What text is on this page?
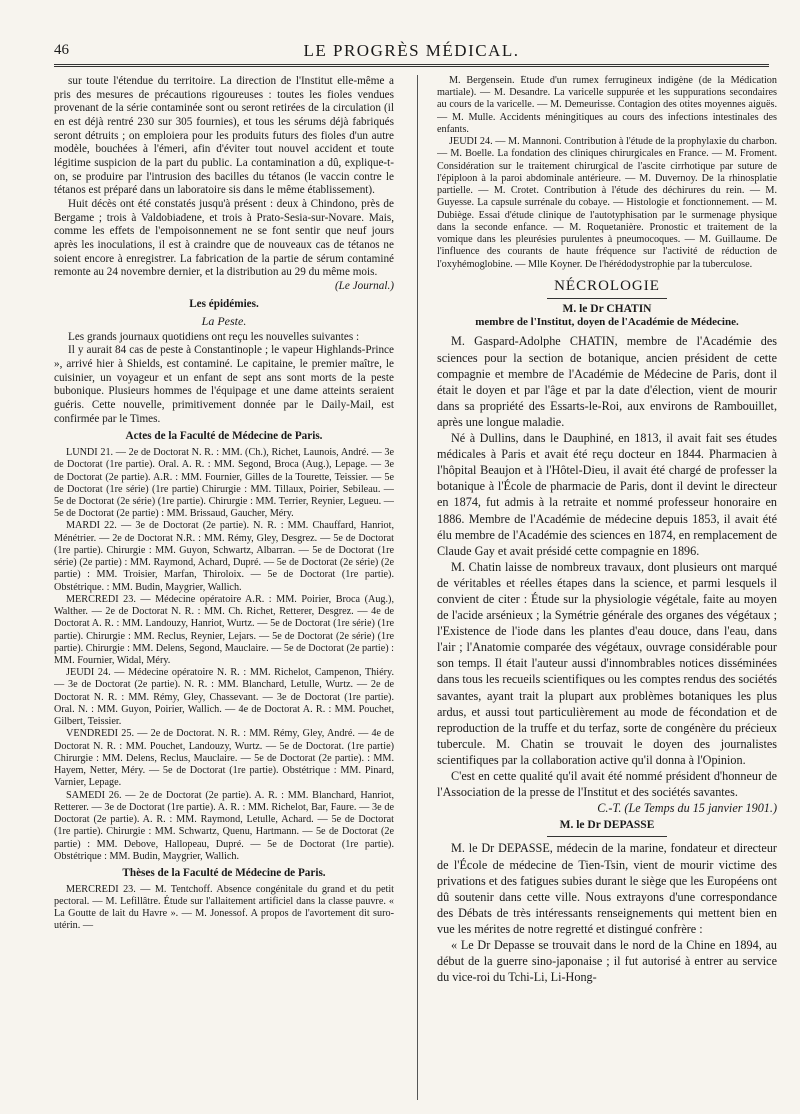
46	LE PROGRÈS MÉDICAL.

sur toute l'étendue du territoire. La direction de l'Institut elle-même a pris des mesures de précautions rigoureuses : toutes les fioles vendues provenant de la série contaminée sont ou seront retirées de la circulation (il en est déjà rentré 230 sur 305 fournies), et tous les sérums déjà fabriqués seront détruits ; on emploiera pour les produits futurs des fioles d'un autre modèle, bouchées à l'émeri, afin d'éviter tout nouvel accident et toute légitime suspicion de la part du public. La contamination a dû, explique-t-on, se produire par l'intrusion des bacilles du tétanos (le vaccin contre le tétanos est préparé dans un laboratoire sis dans le même établissement).

Huit décès ont été constatés jusqu'à présent : deux à Chindono, près de Bergame ; trois à Valdobiadene, et trois à Prato-Sesia-sur-Novare. Mais, comme les effets de l'empoisonnement ne se font sentir que neuf jours après les inoculations, il est à craindre que de nouveaux cas de tétanos ne soient encore à enregistrer. La fabrication de la partie de sérum contaminé remonte au 24 novembre dernier, et la distribution au 29 du même mois.

(Le Journal.)
Les épidémies.
La Peste.

Les grands journaux quotidiens ont reçu les nouvelles suivantes :

Il y aurait 84 cas de peste à Constantinople ; le vapeur Highlands-Prince », arrivé hier à Shields, est contaminé. Le capitaine, le premier maître, le cuisinier, un voyageur et un enfant de sept ans sont morts de la peste bubonique. Plusieurs hommes de l'équipage et une dame atteints seraient guéris. Cette nouvelle, primitivement donnée par le Daily-Mail, est confirmée par le Times.

Actes de la Faculté de Médecine de Paris.

LUNDI 21. — 2e de Doctorat N. R. : MM. (Ch.), Richet, Launois, André. — 3e de Doctorat (1re partie). Oral. A. R. : MM. Segond, Broca (Aug.), Lepage. — 3e de Doctorat (2e partie). A.R. : MM. Fournier, Gilles de la Tourette, Teissier. — 5e de Doctorat (1re série) (1re partie) Chirurgie : MM. Tillaux, Poirier, Sebileau. — 5e de Doctorat (2e série) (1re partie). Chirurgie : MM. Terrier, Reynier, Legueu. — 5e de Doctorat (2e partie) : MM. Brissaud, Gaucher, Méry.

MARDI 22. — 3e de Doctorat (2e partie). N. R. : MM. Chauffard, Hanriot, Ménétrier. — 2e de Doctorat N.R. : MM. Rémy, Gley, Desgrez. — 5e de Doctorat (1re partie). Chirurgie : MM. Guyon, Schwartz, Albarran. — 5e de Doctorat (1re série) (2e partie) : MM. Raymond, Achard, Dupré. — 5e de Doctorat (2e série) (2e partie) : MM. Troisier, Marfan, Thiroloix. — 5e de Doctorat (1re partie). Obstétrique. : MM. Budin, Maygrier, Wallich.

MERCREDI 23. — Médecine opératoire A.R. : MM. Poirier, Broca (Aug.), Walther. — 2e de Doctorat N. R. : MM. Ch. Richet, Retterer, Desgrez. — 4e de Doctorat A. R. : MM. Landouzy, Hanriot, Wurtz. — 5e de Doctorat (1re série) (1re partie). Chirurgie : MM. Reclus, Reynier, Lejars. — 5e de Doctorat (2e série) (1re partie). Chirurgie : MM. Delens, Segond, Mauclaire. — 5e de Doctorat (2e partie) : MM. Fournier, Widal, Méry.

JEUDI 24. — Médecine opératoire N. R. : MM. Richelot, Campenon, Thiéry. — 3e de Doctorat (2e partie). N. R. : MM. Blanchard, Letulle, Wurtz. — 2e de Doctorat N. R. : MM. Rémy, Gley, Chassevant. — 3e de Doctorat (1re partie). Oral. N. : MM. Guyon, Poirier, Wallich. — 4e de Doctorat A. R. : MM. Pouchet, Gilbert, Teissier.

VENDREDI 25. — 2e de Doctorat. N. R. : MM. Rémy, Gley, André. — 4e de Doctorat N. R. : MM. Pouchet, Landouzy, Wurtz. — 5e de Doctorat. (1re partie) Chirurgie : MM. Delens, Reclus, Mauclaire. — 5e de Doctorat (2e partie). : MM. Hayem, Netter, Méry. — 5e de Doctorat (1re partie). Obstétrique : MM. Pinard, Varnier, Lepage.

SAMEDI 26. — 2e de Doctorat (2e partie). A. R. : MM. Blanchard, Hanriot, Retterer. — 3e de Doctorat (1re partie). A. R. : MM. Richelot, Bar, Faure. — 3e de Doctorat (2e partie). A. R. : MM. Raymond, Letulle, Achard. — 5e de Doctorat (1re partie). Chirurgie : MM. Schwartz, Quenu, Hartmann. — 5e de Doctorat (2e partie) : MM. Debove, Hallopeau, Dupré. — 5e de Doctorat (1re partie). Obstétrique : MM. Budin, Maygrier, Wallich.

Thèses de la Faculté de Médecine de Paris.

MERCREDI 23. — M. Tentchoff. Absence congénitale du grand et du petit pectoral. — M. Lefillâtre. Étude sur l'allaitement artificiel dans la classe pauvre. « La Goutte de lait du Havre ». — M. Jonessof. A propos de l'avortement dit suro-utérin. —

M. Bergensein. Étude d'un rumex ferrugineux indigène (de la Médication martiale). — M. Desandre. La varicelle suppurée et les suppurations secondaires au cours de la varicelle. — M. Demeurisse. Contagion des otites moyennes aiguës. — M. Mulle. Accidents méningitiques au cours des infections intestinales des enfants.

JEUDI 24. — M. Mannoni. Contribution à l'étude de la prophylaxie du charbon. — M. Boelle. La fondation des cliniques chirurgicales en France. — M. Froment. Considération sur le traitement chirurgical de l'ascite cirrhotique par suture de l'épiploon à la paroi abdominale antérieure. — M. Duvernoy. De la rhinosplatie partielle. — M. Crotet. Contribution à l'étude des déchirures du rein. — M. Guyesse. La capsule surrénale du cobaye. — Histologie et fonctionnement. — M. Dubiège. Essai d'étude clinique de l'autotyphisation par le surmenage physique dans la seconde enfance. — M. Roquetanière. Pronostic et traitement de la vomique dans les pleurésies purulentes à pneumocoques. — M. Guillaume. De l'influence des courants de haute fréquence sur l'activité de réduction de l'oxyhémoglobine. — Mlle Koyner. De l'hérédodystrophie par la tuberculose.

NÉCROLOGIE
M. le Dr CHATIN
membre de l'Institut, doyen de l'Académie de Médecine.

M. Gaspard-Adolphe CHATIN, membre de l'Académie des sciences pour la section de botanique, ancien président de cette compagnie et membre de l'Académie de Médecine de Paris, dont il était le doyen et par l'âge et par la date d'élection, vient de mourir dans sa propriété des Essarts-le-Roi, aux environs de Rambouillet, après une longue maladie.

Né à Dullins, dans le Dauphiné, en 1813, il avait fait ses études médicales à Paris et avait été reçu docteur en 1844. Pharmacien à l'hôpital Beaujon et à l'Hôtel-Dieu, il avait été chargé de professer la botanique à l'École de pharmacie de Paris, dont il devint le directeur en 1874, fut admis à la retraite et nommé professeur honoraire en 1886. Membre de l'Académie de médecine depuis 1853, il avait été élu membre de l'Académie des sciences en 1874, en remplacement de Claude Gay et avait présidé cette compagnie en 1896.

M. Chatin laisse de nombreux travaux, dont plusieurs ont marqué de véritables et réelles étapes dans la science, et parmi lesquels il convient de citer : Étude sur la physiologie végétale, faite au moyen de l'acide arsénieux ; la Symétrie générale des organes des végétaux ; l'Existence de l'iode dans les plantes d'eau douce, dans l'eau, dans l'air ; l'Anatomie comparée des végétaux, ouvrage considérable pour son temps. Il était l'auteur aussi d'innombrables notices disséminées dans tous les recueils scientifiques ou les comptes rendus des sociétés savantes, ayant trait la plupart aux problèmes botaniques les plus ardus, et aussi tout particulièrement au mode de fécondation et de reproduction de la truffe et du terfaz, sorte de congénère du précieux tubercule. M. Chatin se trouvait le doyen des journalistes scientifiques par la collaboration active qu'il donna à l'Opinion.

C'est en cette qualité qu'il avait été nommé président d'honneur de l'Association de la presse de l'Institut et des sociétés savantes.

C.-T. (Le Temps du 15 janvier 1901.)
M. le Dr DEPASSE

M. le Dr DEPASSE, médecin de la marine, fondateur et directeur de l'École de médecine de Tien-Tsin, vient de mourir victime des privations et des fatigues subies durant le siège que les Européens ont dû soutenir dans cette ville. Nous extrayons d'une correspondance des Débats de très intéressants renseignements qui mettent bien en vue les mérites de notre regretté et distingué confrère :

« Le Dr Depasse se trouvait dans le nord de la Chine en 1894, au début de la guerre sino-japonaise ; il fut autorisé à entrer au service du vice-roi du Tchi-Li, Li-Hong-
